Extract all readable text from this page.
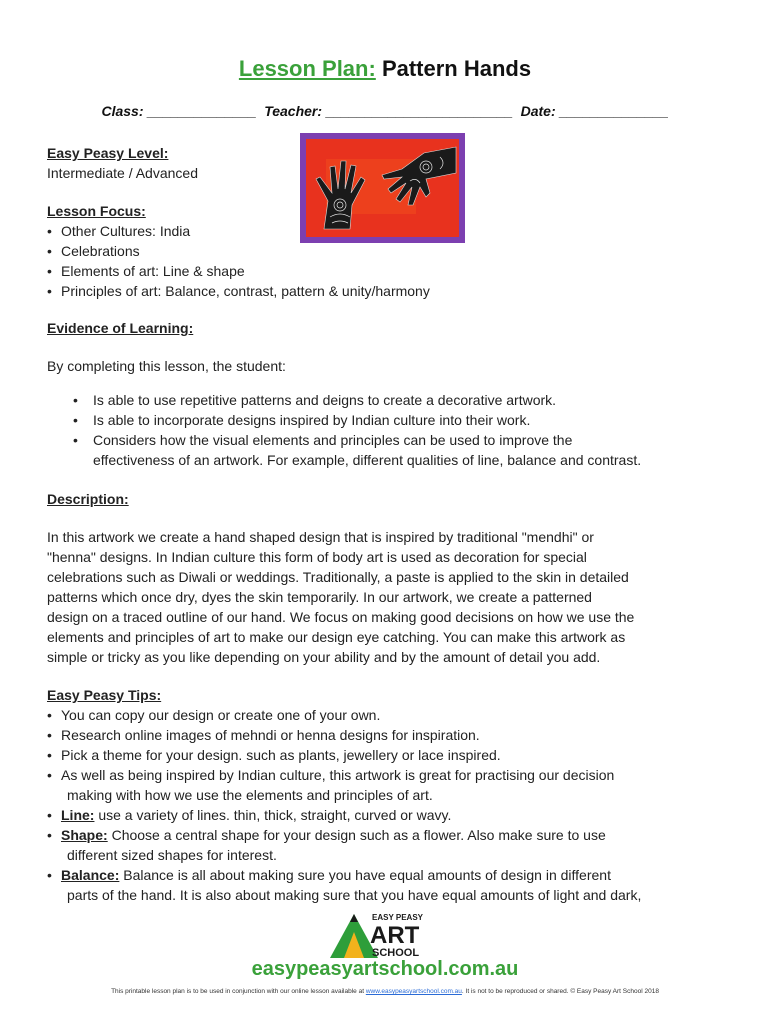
Lesson Plan: Pattern Hands
Class: ______________ Teacher: ________________________ Date: ______________
Easy Peasy Level:
Intermediate / Advanced
Lesson Focus:
• Other Cultures: India
• Celebrations
• Elements of art: Line & shape
• Principles of art: Balance, contrast, pattern & unity/harmony
Evidence of Learning:
By completing this lesson, the student:
• Is able to use repetitive patterns and deigns to create a decorative artwork.
• Is able to incorporate designs inspired by Indian culture into their work.
• Considers how the visual elements and principles can be used to improve the
effectiveness of an artwork. For example, different qualities of line, balance and contrast.
Description:
In this artwork we create a hand shaped design that is inspired by traditional "mendhi" or
"henna" designs. In Indian culture this form of body art is used as decoration for special
celebrations such as Diwali or weddings. Traditionally, a paste is applied to the skin in detailed
patterns which once dry, dyes the skin temporarily. In our artwork, we create a patterned
design on a traced outline of our hand. We focus on making good decisions on how we use the
elements and principles of art to make our design eye catching. You can make this artwork as
simple or tricky as you like depending on your ability and by the amount of detail you add.
Easy Peasy Tips:
• You can copy our design or create one of your own.
• Research online images of mehndi or henna designs for inspiration.
• Pick a theme for your design. such as plants, jewellery or lace inspired.
• As well as being inspired by Indian culture, this artwork is great for practising our decision
making with how we use the elements and principles of art.
• Line: use a variety of lines. thin, thick, straight, curved or wavy.
• Shape: Choose a central shape for your design such as a flower. Also make sure to use
different sized shapes for interest.
• Balance: Balance is all about making sure you have equal amounts of design in different
parts of the hand. It is also about making sure that you have equal amounts of light and dark,
EASY PEASY
ART
SCHOOL
easypeasyartschool.com.au
This printable lesson plan is to be used in conjunction with our online lesson available at www.easypeasyartschool.com.au. It is not to be reproduced or shared. © Easy Peasy Art School 2018
